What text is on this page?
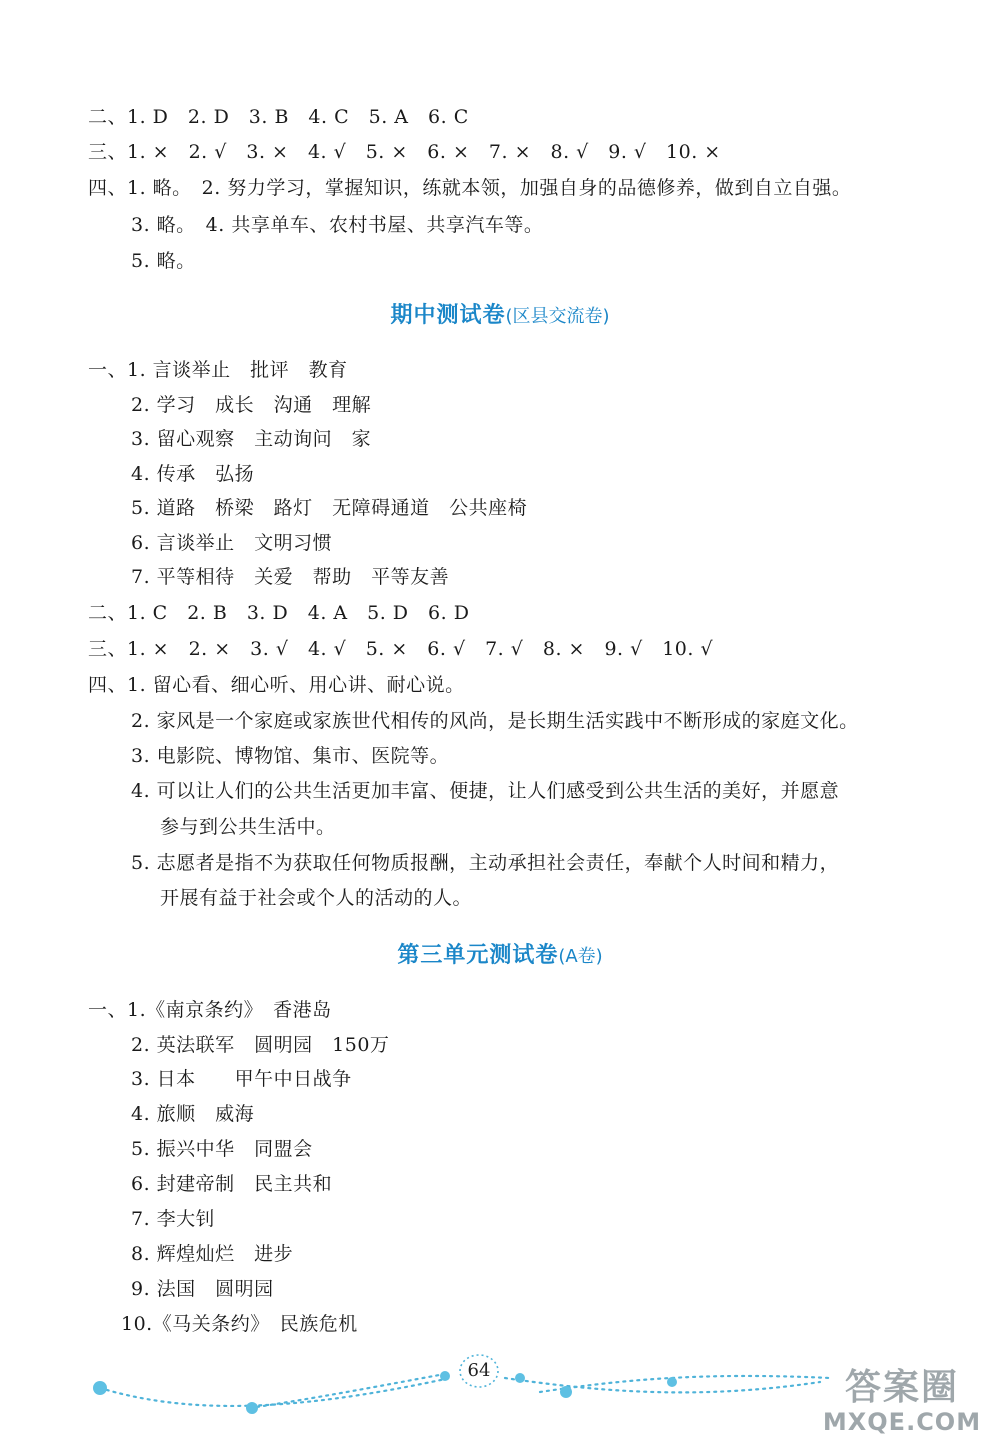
二、1. D　2. D　3. B　4. C　5. A　6. C
三、1. ×　2. √　3. ×　4. √　5. ×　6. ×　7. ×　8. √　9. √　10. ×
四、1. 略。　2. 努力学习，掌握知识，练就本领，加强自身的品德修养，做到自立自强。
3. 略。　4. 共享单车、农村书屋、共享汽车等。
5. 略。
期中测试卷(区县交流卷)
一、1. 言谈举止　批评　教育
2. 学习　成长　沟通　理解
3. 留心观察　主动询问　家
4. 传承　弘扬
5. 道路　桥梁　路灯　无障碍通道　公共座椅
6. 言谈举止　文明习惯
7. 平等相待　关爱　帮助　平等友善
二、1. C　2. B　3. D　4. A　5. D　6. D
三、1. ×　2. ×　3. √　4. √　5. ×　6. √　7. √　8. ×　9. √　10. √
四、1. 留心看、细心听、用心讲、耐心说。
2. 家风是一个家庭或家族世代相传的风尚，是长期生活实践中不断形成的家庭文化。
3. 电影院、博物馆、集市、医院等。
4. 可以让人们的公共生活更加丰富、便捷，让人们感受到公共生活的美好，并愿意
参与到公共生活中。
5. 志愿者是指不为获取任何物质报酬，主动承担社会责任，奉献个人时间和精力，
开展有益于社会或个人的活动的人。
第三单元测试卷(A卷)
一、1.《南京条约》　香港岛
2. 英法联军　圆明园　150万
3. 日本　　甲午中日战争
4. 旅顺　威海
5. 振兴中华　同盟会
6. 封建帝制　民主共和
7. 李大钊
8. 辉煌灿烂　进步
9. 法国　圆明园
10.《马关条约》　民族危机
64	答案圈
MXQE.COM
